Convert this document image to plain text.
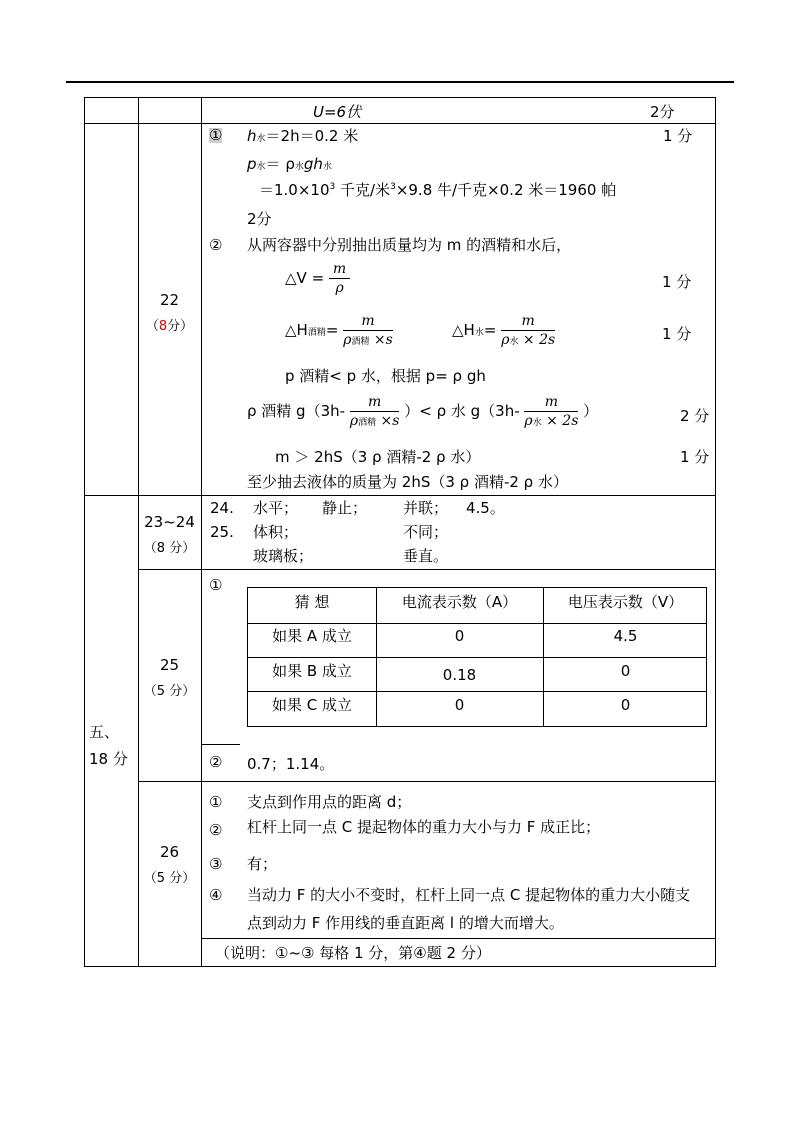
U=6伏	2分
22
（8分）
① h水＝2h＝0.2 米	1 分
p水＝ ρ水gh水
$=1.0\times 10^3$ 千克/米$^3$×9.8 牛/千克×0.2 米＝1960 帕
2分
② 从两容器中分别抽出质量均为 m 的酒精和水后，
△V = $\frac{m}{\rho}$	1 分
△H酒精= $\frac{m}{\text{ρ酒精 ×s}}$	△H水= $\frac{m}{\text{ρ水 × 2s}}$	1 分
p 酒精< p 水，根据 p= ρ gh
ρ 酒精 $g(3h- \frac{m}{\text{ρ酒精 ×s}}$ ）< ρ 水 $g(3h- \frac{m}{\text{ρ水 × 2s}}$ ）	2 分
m ＞ 2hS（3 ρ 酒精-2 ρ 水）	1 分
至少抽去液体的质量为 2hS（3 ρ 酒精-2 ρ 水）
五、
18 分
23~24
（8 分）
24. 水平； 静止； 并联； 4.5。
25. 体积；	不同；
玻璃板；	垂直。
25
（5 分）
①
猜 想	电流表示数（A）	电压表示数（V）
如果 A 成立	0	4.5
如果 B 成立	0.18	0
如果 C 成立	0	0
② 0.7；1.14。
26
（5 分）
① 支点到作用点的距离 d；
② 杠杆上同一点 C 提起物体的重力大小与力 F 成正比；
③ 有；
④ 当动力 F 的大小不变时，杠杆上同一点 C 提起物体的重力大小随支
点到动力 F 作用线的垂直距离 l 的增大而增大。
（说明：①~③ 每格 1 分，第④题 2 分）
